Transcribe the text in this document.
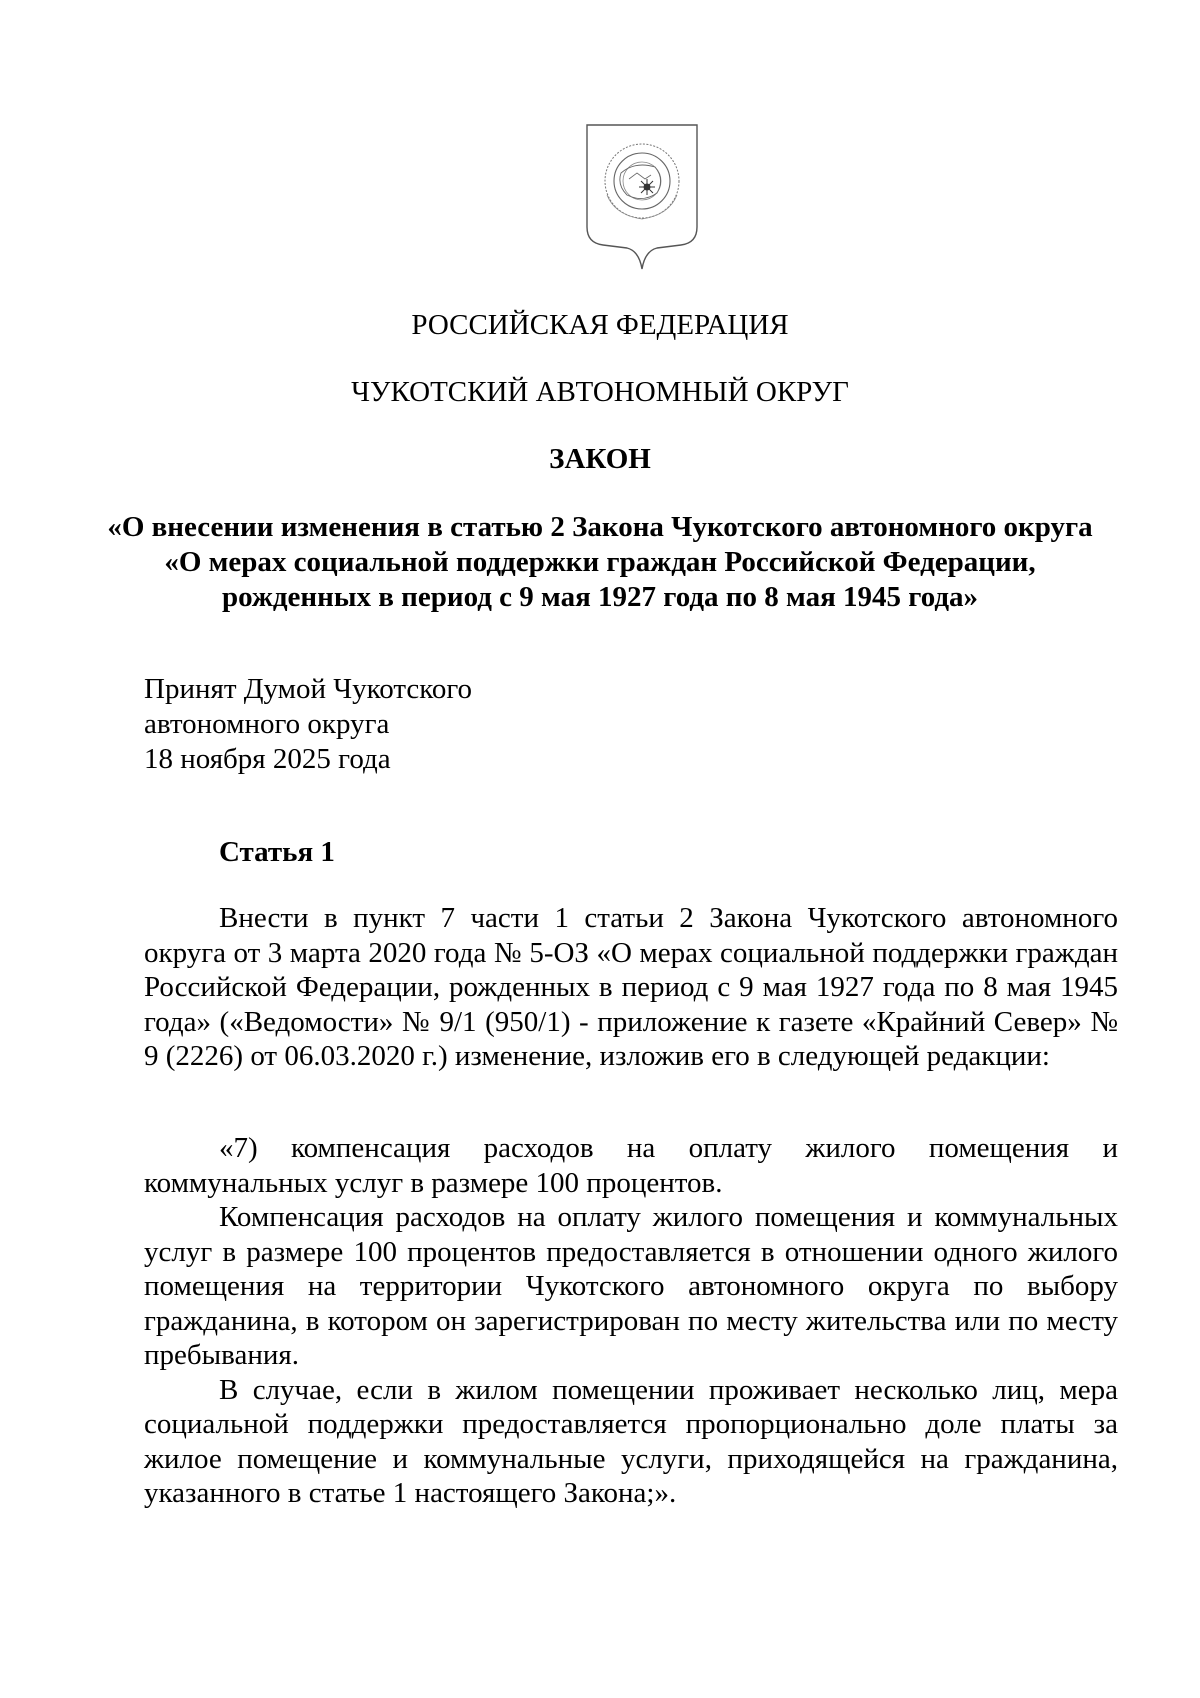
РОССИЙСКАЯ ФЕДЕРАЦИЯ
ЧУКОТСКИЙ АВТОНОМНЫЙ ОКРУГ
ЗАКОН
«О внесении изменения в статью 2 Закона Чукотского автономного округа
«О мерах социальной поддержки граждан Российской Федерации,
рожденных в период с 9 мая 1927 года по 8 мая 1945 года»
Принят Думой Чукотского
автономного округа
18 ноября 2025 года
Статья 1

Внести в пункт 7 части 1 статьи 2 Закона Чукотского автономного округа от 3 марта 2020 года № 5-ОЗ «О мерах социальной поддержки граждан Российской Федерации, рожденных в период с 9 мая 1927 года по 8 мая 1945 года» («Ведомости» № 9/1 (950/1) - приложение к газете «Крайний Север» № 9 (2226) от 06.03.2020 г.) изменение, изложив его в следующей редакции:

«7) компенсация расходов на оплату жилого помещения и коммунальных услуг в размере 100 процентов.

Компенсация расходов на оплату жилого помещения и коммунальных услуг в размере 100 процентов предоставляется в отношении одного жилого помещения на территории Чукотского автономного округа по выбору гражданина, в котором он зарегистрирован по месту жительства или по месту пребывания.

В случае, если в жилом помещении проживает несколько лиц, мера социальной поддержки предоставляется пропорционально доле платы за жилое помещение и коммунальные услуги, приходящейся на гражданина, указанного в статье 1 настоящего Закона;».
